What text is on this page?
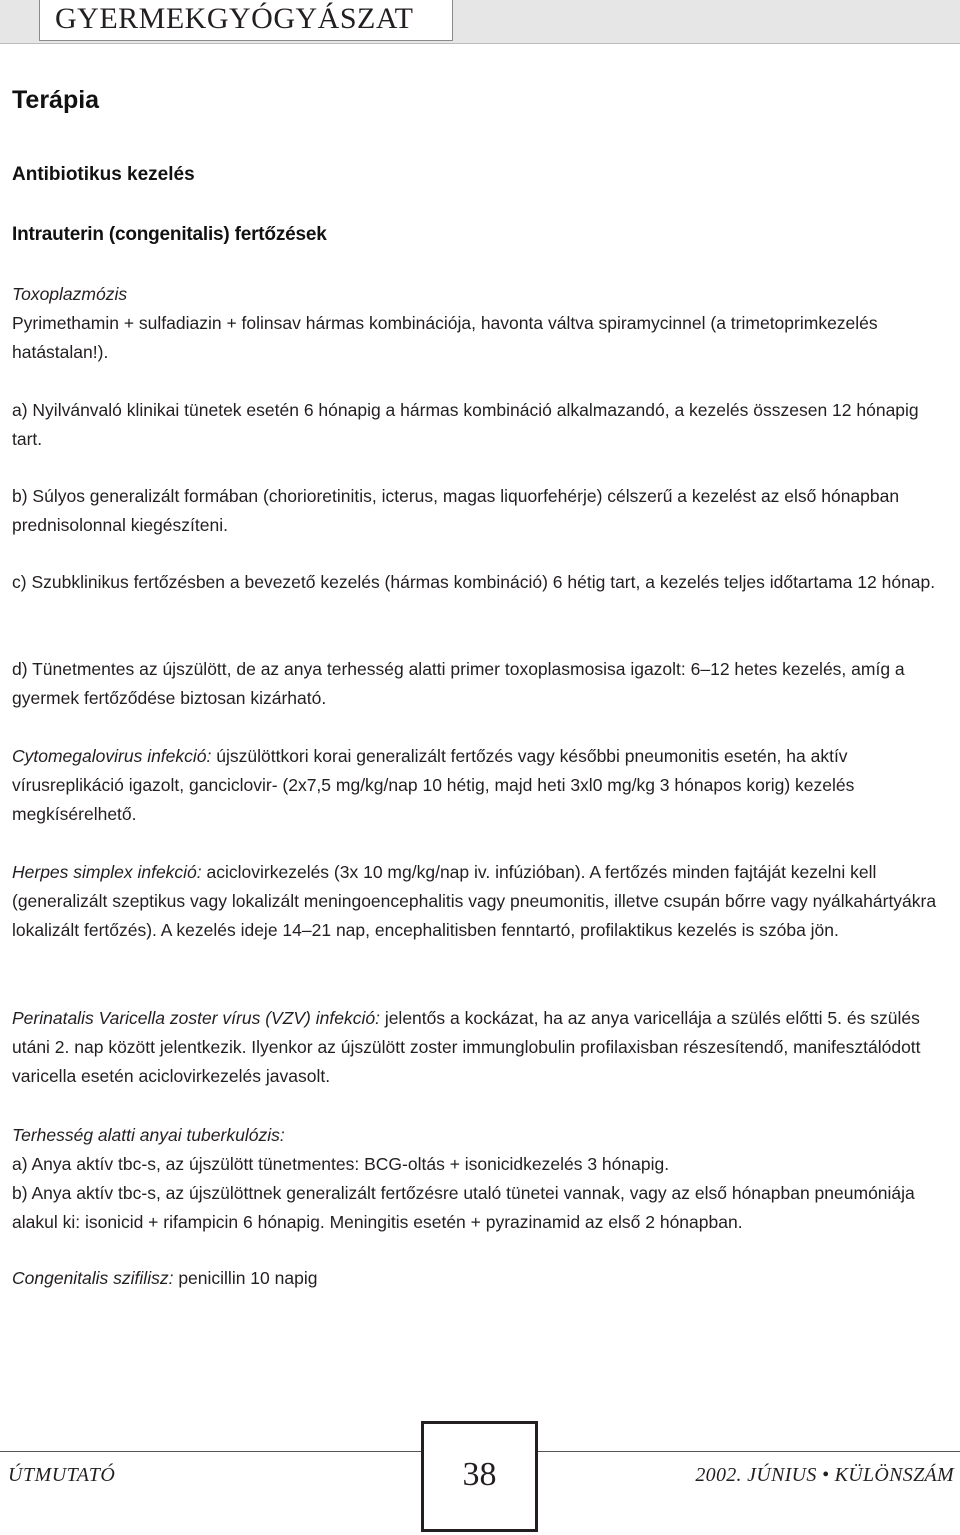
GYERMEKGYÓGYÁSZAT
Terápia
Antibiotikus kezelés
Intrauterin (congenitalis) fertőzések
Toxoplazmózis
Pyrimethamin + sulfadiazin + folinsav hármas kombinációja, havonta váltva spiramycinnel (a trimetoprimkezelés hatástalan!).

a) Nyilvánvaló klinikai tünetek esetén 6 hónapig a hármas kombináció alkalmazandó, a kezelés összesen 12 hónapig tart.

b) Súlyos generalizált formában (chorioretinitis, icterus, magas liquorfehérje) célszerű a kezelést az első hónapban prednisolonnal kiegészíteni.

c) Szubklinikus fertőzésben a bevezető kezelés (hármas kombináció) 6 hétig tart, a kezelés teljes időtartama 12 hónap.

d) Tünetmentes az újszülött, de az anya terhesség alatti primer toxoplasmosisa igazolt: 6–12 hetes kezelés, amíg a gyermek fertőződése biztosan kizárható.

Cytomegalovirus infekció: újszülöttkori korai generalizált fertőzés vagy későbbi pneumonitis esetén, ha aktív vírusreplikáció igazolt, ganciclovir- (2x7,5 mg/kg/nap 10 hétig, majd heti 3xl0 mg/kg 3 hónapos korig) kezelés megkísérelhető.

Herpes simplex infekció: aciclovirkezelés (3x 10 mg/kg/nap iv. infúzióban). A fertőzés minden fajtáját kezelni kell (generalizált szeptikus vagy lokalizált meningoencephalitis vagy pneumonitis, illetve csupán bőrre vagy nyálkahártyákra lokalizált fertőzés). A kezelés ideje 14–21 nap, encephalitisben fenntartó, profilaktikus kezelés is szóba jön.

Perinatalis Varicella zoster vírus (VZV) infekció: jelentős a kockázat, ha az anya varicellája a szülés előtti 5. és szülés utáni 2. nap között jelentkezik. Ilyenkor az újszülött zoster immunglobulin profilaxisban részesítendő, manifesztálódott varicella esetén aciclovirkezelés javasolt.

Terhesség alatti anyai tuberkulózis:
a) Anya aktív tbc-s, az újszülött tünetmentes: BCG-oltás + isonicidkezelés 3 hónapig.
b) Anya aktív tbc-s, az újszülöttnek generalizált fertőzésre utaló tünetei vannak, vagy az első hónapban pneumóniája alakul ki: isonicid + rifampicin 6 hónapig. Meningitis esetén + pyrazinamid az első 2 hónapban.

Congenitalis szifilisz: penicillin 10 napig

ÚTMUTATÓ	38	2002. JÚNIUS • KÜLÖNSZÁM
